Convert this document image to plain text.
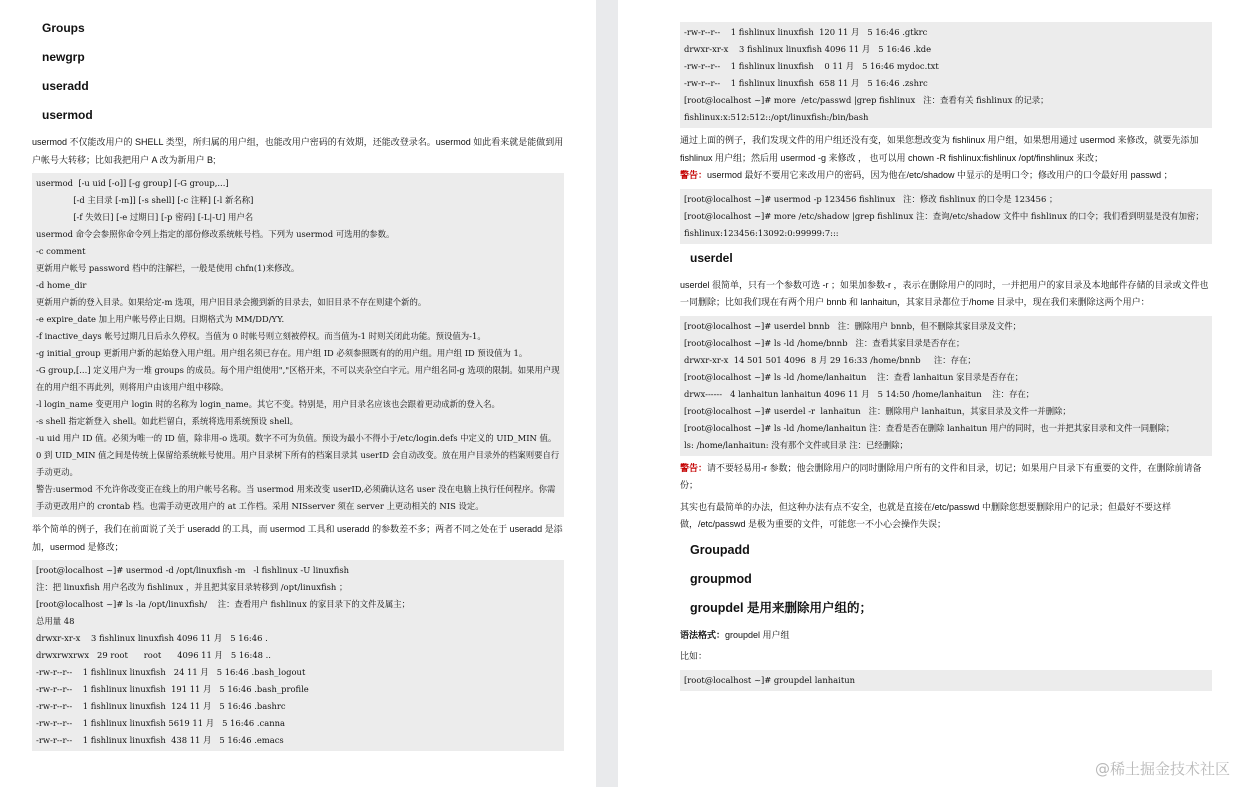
Groups
newgrp
useradd
usermod

usermod 不仅能改用户的 SHELL 类型，所归属的用户组，也能改用户密码的有效期，还能改登录名。usermod 如此看来就是能做到用户帐号大转移；比如我把用户 A 改为新用户 B;

usermod  [-u uid [-o]] [-g group] [-G group,...]
[-d 主目录 [-m]] [-s shell] [-c 注释] [-l 新名称]
[-f 失效日] [-e 过期日] [-p 密码] [-L|-U] 用户名
usermod 命令会参照你命令列上指定的部份修改系统帐号档。下列为 usermod 可选用的参数。
-c comment
更新用户帐号 password 档中的注解栏，一般是使用 chfn(1)来修改。
-d home_dir
更新用户新的登入目录。如果给定-m 选项，用户旧目录会搬到新的目录去，如旧目录不存在则建个新的。
-e expire_date 加上用户帐号停止日期。日期格式为 MM/DD/YY.
-f inactive_days 帐号过期几日后永久停权。当值为 0 时帐号则立刻被停权。而当值为-1 时则关闭此功能。预设值为-1。
-g initial_group 更新用户新的起始登入用户组。用户组名须已存在。用户组 ID 必须参照既有的的用户组。用户组 ID 预设值为 1。
-G group,[...] 定义用户为一堆 groups 的成员。每个用户组使用","区格开来，不可以夹杂空白字元。用户组名同-g 选项的限制。如果用户现在的用户组不再此列，则将用户由该用户组中移除。
-l login_name 变更用户 login 时的名称为 login_name。其它不变。特别是，用户目录名应该也会跟着更动成新的登入名。
-s shell 指定新登入 shell。如此栏留白，系统将选用系统预设 shell。
-u uid 用户 ID 值。必须为唯一的 ID 值，除非用-o 选项。数字不可为负值。预设为最小不得小于/etc/login.defs 中定义的 UID_MIN 值。0 到 UID_MIN 值之间是传统上保留给系统帐号使用。用户目录树下所有的档案目录其 userID 会自动改变。放在用户目录外的档案则要自行手动更动。
警告:usermod 不允许你改变正在线上的用户帐号名称。当 usermod 用来改变 userID,必须确认这名 user 没在电脑上执行任何程序。你需手动更改用户的 crontab 档。也需手动更改用户的 at 工作档。采用 NISserver 须在 server 上更动相关的 NIS 设定。

举个简单的例子，我们在前面说了关于 useradd 的工具，而 usermod 工具和 useradd 的参数差不多；两者不同之处在于 useradd 是添加，usermod 是修改；

[root@localhost ~]# usermod -d /opt/linuxfish -m   -l fishlinux -U linuxfish
注：把 linuxfish 用户名改为 fishlinux ，并且把其家目录转移到 /opt/linuxfish ；
[root@localhost ~]# ls -la /opt/linuxfish/    注：查看用户 fishlinux 的家目录下的文件及属主；
总用量 48
drwxr-xr-x    3 fishlinux linuxfish 4096 11 月   5 16:46 .
drwxrwxrwx   29 root      root      4096 11 月   5 16:48 ..
-rw-r--r--    1 fishlinux linuxfish   24 11 月   5 16:46 .bash_logout
-rw-r--r--    1 fishlinux linuxfish  191 11 月   5 16:46 .bash_profile
-rw-r--r--    1 fishlinux linuxfish  124 11 月   5 16:46 .bashrc
-rw-r--r--    1 fishlinux linuxfish 5619 11 月   5 16:46 .canna
-rw-r--r--    1 fishlinux linuxfish  438 11 月   5 16:46 .emacs
-rw-r--r--    1 fishlinux linuxfish  120 11 月   5 16:46 .gtkrc
drwxr-xr-x    3 fishlinux linuxfish 4096 11 月   5 16:46 .kde
-rw-r--r--    1 fishlinux linuxfish    0 11 月   5 16:46 mydoc.txt
-rw-r--r--    1 fishlinux linuxfish  658 11 月   5 16:46 .zshrc
[root@localhost ~]# more  /etc/passwd |grep fishlinux   注：查看有关 fishlinux 的记录；
fishlinux:x:512:512::/opt/linuxfish:/bin/bash

通过上面的例子，我们发现文件的用户组还没有变，如果您想改变为 fishlinux 用户组，如果想用通过 usermod 来修改，就要先添加 fishlinux 用户组；然后用 usermod -g 来修改 ， 也可以用 chown -R fishlinux:fishlinux /opt/finshlinux 来改；

警告：usermod 最好不要用它来改用户的密码，因为他在/etc/shadow 中显示的是明口令；修改用户的口令最好用 passwd ；

[root@localhost ~]# usermod -p 123456 fishlinux   注：修改 fishlinux 的口令是 123456 ；
[root@localhost ~]# more /etc/shadow |grep fishlinux 注：查询/etc/shadow 文件中 fishlinux 的口令；我们看到明显是没有加密；
fishlinux:123456:13092:0:99999:7:::
userdel

userdel 很简单，只有一个参数可选 -r ；如果加参数-r ，表示在删除用户的同时，一并把用户的家目录及本地邮件存储的目录或文件也一同删除；比如我们现在有两个用户 bnnb 和 lanhaitun，其家目录都位于/home 目录中，现在我们来删除这两个用户：

[root@localhost ~]# userdel bnnb   注：删除用户 bnnb，但不删除其家目录及文件；
[root@localhost ~]# ls -ld /home/bnnb   注：查看其家目录是否存在；
drwxr-xr-x  14 501 501 4096  8 月 29 16:33 /home/bnnb     注：存在；
[root@localhost ~]# ls -ld /home/lanhaitun    注：查看 lanhaitun 家目录是否存在；
drwx------   4 lanhaitun lanhaitun 4096 11 月   5 14:50 /home/lanhaitun    注：存在；
[root@localhost ~]# userdel -r  lanhaitun   注：删除用户 lanhaitun，其家目录及文件一并删除；
[root@localhost ~]# ls -ld /home/lanhaitun 注：查看是否在删除 lanhaitun 用户的同时，也一并把其家目录和文件一同删除；
ls: /home/lanhaitun: 没有那个文件或目录 注：已经删除；

警告：请不要轻易用-r 参数；他会删除用户的同时删除用户所有的文件和目录，切记；如果用户目录下有重要的文件，在删除前请备份；

其实也有最简单的办法，但这种办法有点不安全，也就是直接在/etc/passwd 中删除您想要删除用户的记录；但最好不要这样做，/etc/passwd 是极为重要的文件，可能您一不小心会操作失误；

Groupadd
groupmod
groupdel 是用来删除用户组的；

语法格式：groupdel 用户组

比如：

[root@localhost ~]# groupdel lanhaitun
@稀土掘金技术社区
